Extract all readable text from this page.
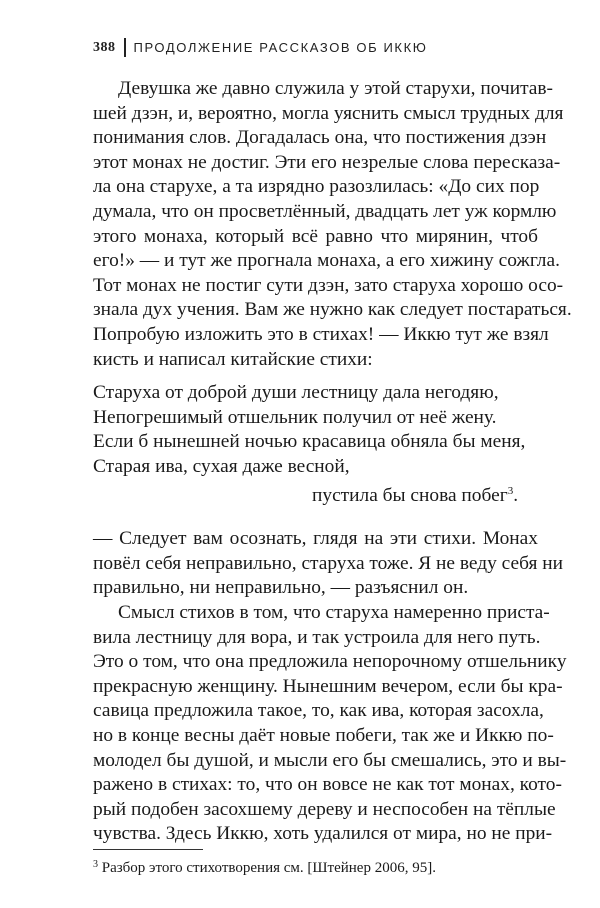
388 ПРОДОЛЖЕНИЕ РАССКАЗОВ ОБ ИККЮ
Девушка же давно служила у этой старухи, почитав-
шей дзэн, и, вероятно, могла уяснить смысл трудных для
понимания слов. Догадалась она, что постижения дзэн
этот монах не достиг. Эти его незрелые слова пересказа-
ла она старухе, а та изрядно разозлилась: «До сих пор
думала, что он просветлённый, двадцать лет уж кормлю
этого монаха, который всё равно что мирянин, чтоб
его!» — и тут же прогнала монаха, а его хижину сожгла.
Тот монах не постиг сути дзэн, зато старуха хорошо осо-
знала дух учения. Вам же нужно как следует постараться.
Попробую изложить это в стихах! — Иккю тут же взял
кисть и написал китайские стихи:
Старуха от доброй души лестницу дала негодяю,
Непогрешимый отшельник получил от неё жену.
Если б нынешней ночью красавица обняла бы меня,
Старая ива, сухая даже весной,
пустила бы снова побег$^3$.
— Следует вам осознать, глядя на эти стихи. Монах
повёл себя неправильно, старуха тоже. Я не веду себя ни
правильно, ни неправильно, — разъяснил он.
Смысл стихов в том, что старуха намеренно приста-
вила лестницу для вора, и так устроила для него путь.
Это о том, что она предложила непорочному отшельнику
прекрасную женщину. Нынешним вечером, если бы кра-
савица предложила такое, то, как ива, которая засохла,
но в конце весны даёт новые побеги, так же и Иккю по-
молодел бы душой, и мысли его бы смешались, это и вы-
ражено в стихах: то, что он вовсе не как тот монах, кото-
рый подобен засохшему дереву и неспособен на тёплые
чувства. Здесь Иккю, хоть удалился от мира, но не при-
$^3$ Разбор этого стихотворения см. [Штейнер 2006, 95].
